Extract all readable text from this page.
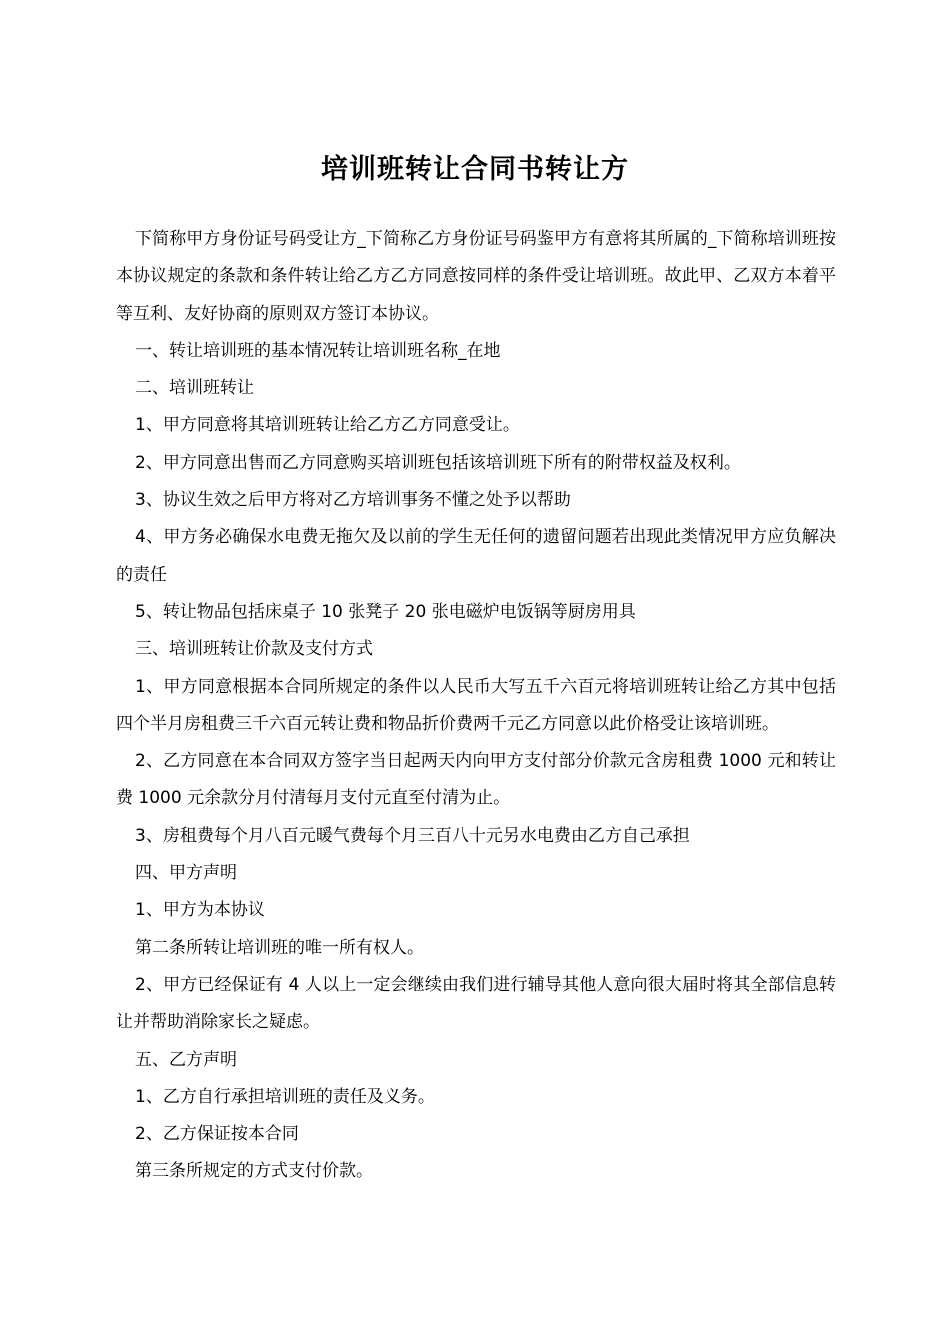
培训班转让合同书转让方

下简称甲方身份证号码受让方_下简称乙方身份证号码鉴甲方有意将其所属的_下简称培训班按本协议规定的条款和条件转让给乙方乙方同意按同样的条件受让培训班。故此甲、乙双方本着平等互利、友好协商的原则双方签订本协议。

一、转让培训班的基本情况转让培训班名称_在地

二、培训班转让

1、甲方同意将其培训班转让给乙方乙方同意受让。

2、甲方同意出售而乙方同意购买培训班包括该培训班下所有的附带权益及权利。

3、协议生效之后甲方将对乙方培训事务不懂之处予以帮助

4、甲方务必确保水电费无拖欠及以前的学生无任何的遗留问题若出现此类情况甲方应负解决的责任

5、转让物品包括床桌子 10 张凳子 20 张电磁炉电饭锅等厨房用具

三、培训班转让价款及支付方式

1、甲方同意根据本合同所规定的条件以人民币大写五千六百元将培训班转让给乙方其中包括四个半月房租费三千六百元转让费和物品折价费两千元乙方同意以此价格受让该培训班。

2、乙方同意在本合同双方签字当日起两天内向甲方支付部分价款元含房租费 1000 元和转让费 1000 元余款分月付清每月支付元直至付清为止。

3、房租费每个月八百元暖气费每个月三百八十元另水电费由乙方自己承担

四、甲方声明

1、甲方为本协议

第二条所转让培训班的唯一所有权人。

2、甲方已经保证有 4 人以上一定会继续由我们进行辅导其他人意向很大届时将其全部信息转让并帮助消除家长之疑虑。

五、乙方声明

1、乙方自行承担培训班的责任及义务。

2、乙方保证按本合同

第三条所规定的方式支付价款。
